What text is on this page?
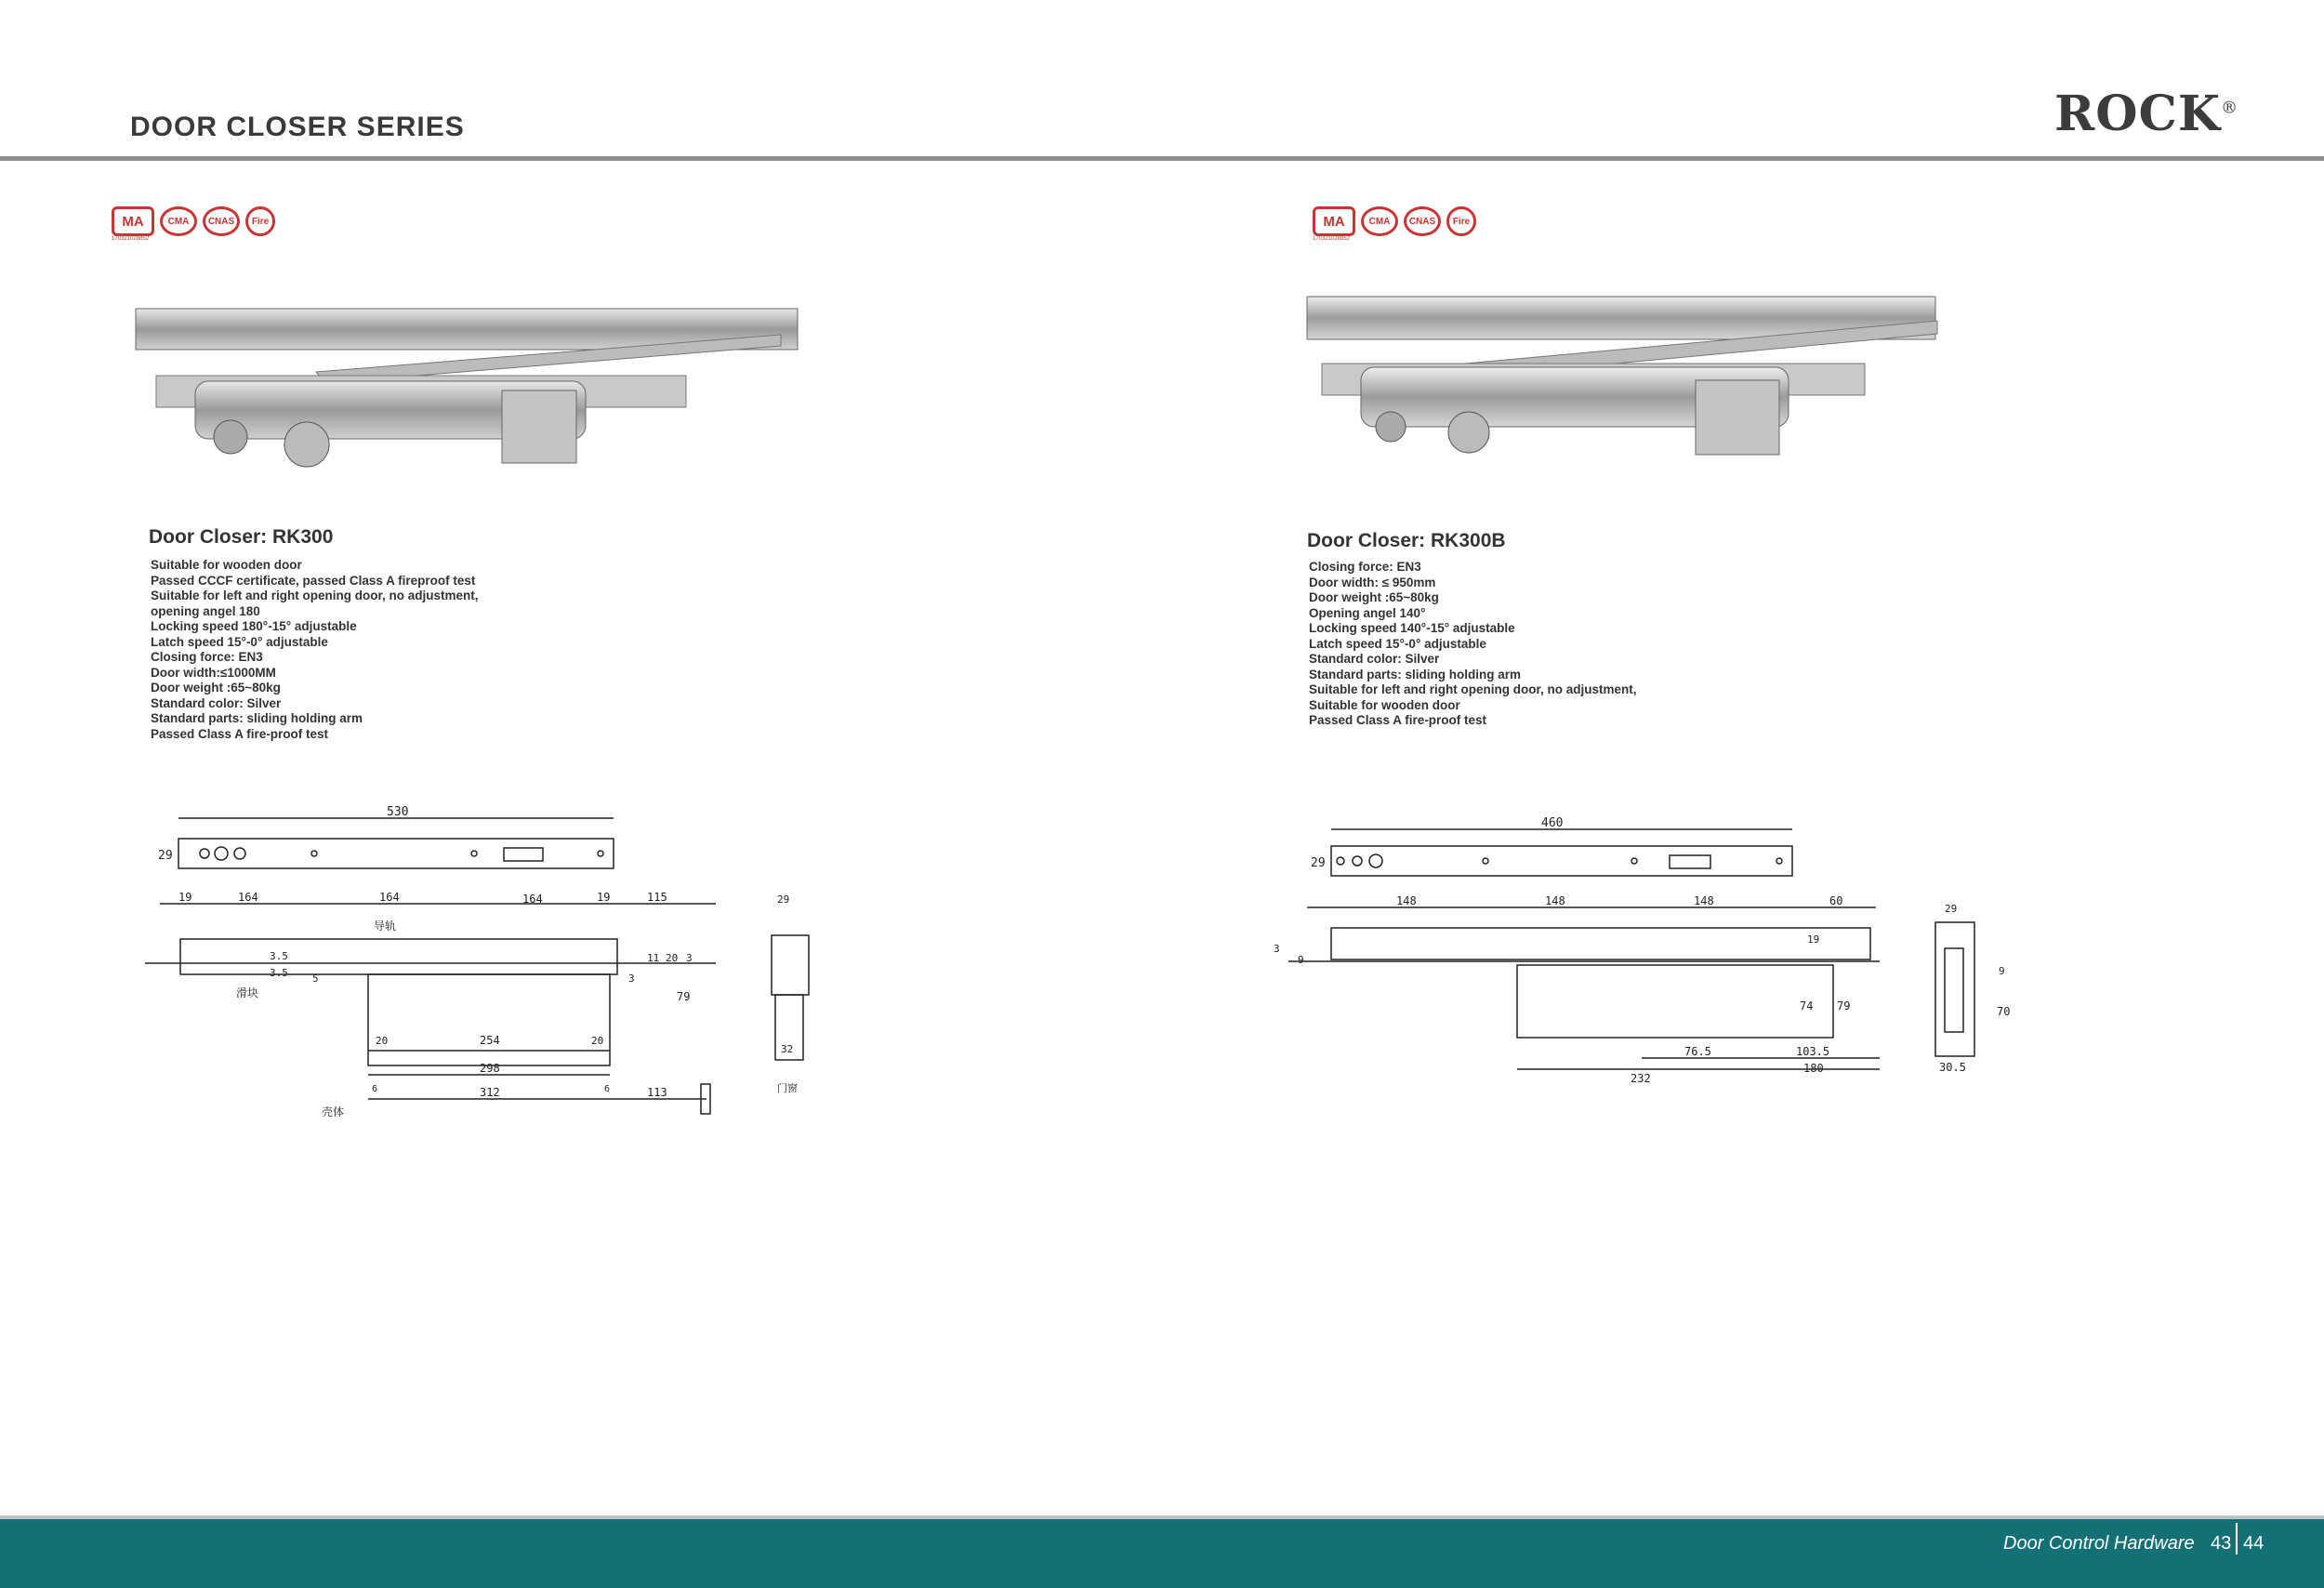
DOOR CLOSER SERIES	ROCK®
MA	CMA	CNAS	Fire
170321028852
MA	CMA	CNAS	Fire
170321028852
Door Closer: RK300
Suitable for wooden door
Passed CCCF certificate, passed Class A fireproof test
Suitable for left and right opening door, no adjustment,
opening angel 180
Locking speed 180°-15° adjustable
Latch speed 15°-0° adjustable
Closing force: EN3
Door width:≤1000MM
Door weight :65~80kg
Standard color: Silver
Standard parts: sliding holding arm
Passed Class A fire-proof test
Door Closer: RK300B
Closing force: EN3
Door width: ≤ 950mm
Door weight :65~80kg
Opening angel 140°
Locking speed 140°-15° adjustable
Latch speed 15°-0° adjustable
Standard color: Silver
Standard parts: sliding holding arm
Suitable for left and right opening door, no adjustment,
Suitable for wooden door
Passed Class A fire-proof test
530
29
19	164	164	164	19	115
20	254	20
298
6	312	6	113
壳体
滑块
导轨
3.5
3.5 5
11 20 3
3
79
29
32
门窗
460
29
148	148	148	60
76.5	103.5
232
180
3
9
19
74 79
29
9
70
30.5
Door Control Hardware 43 44
